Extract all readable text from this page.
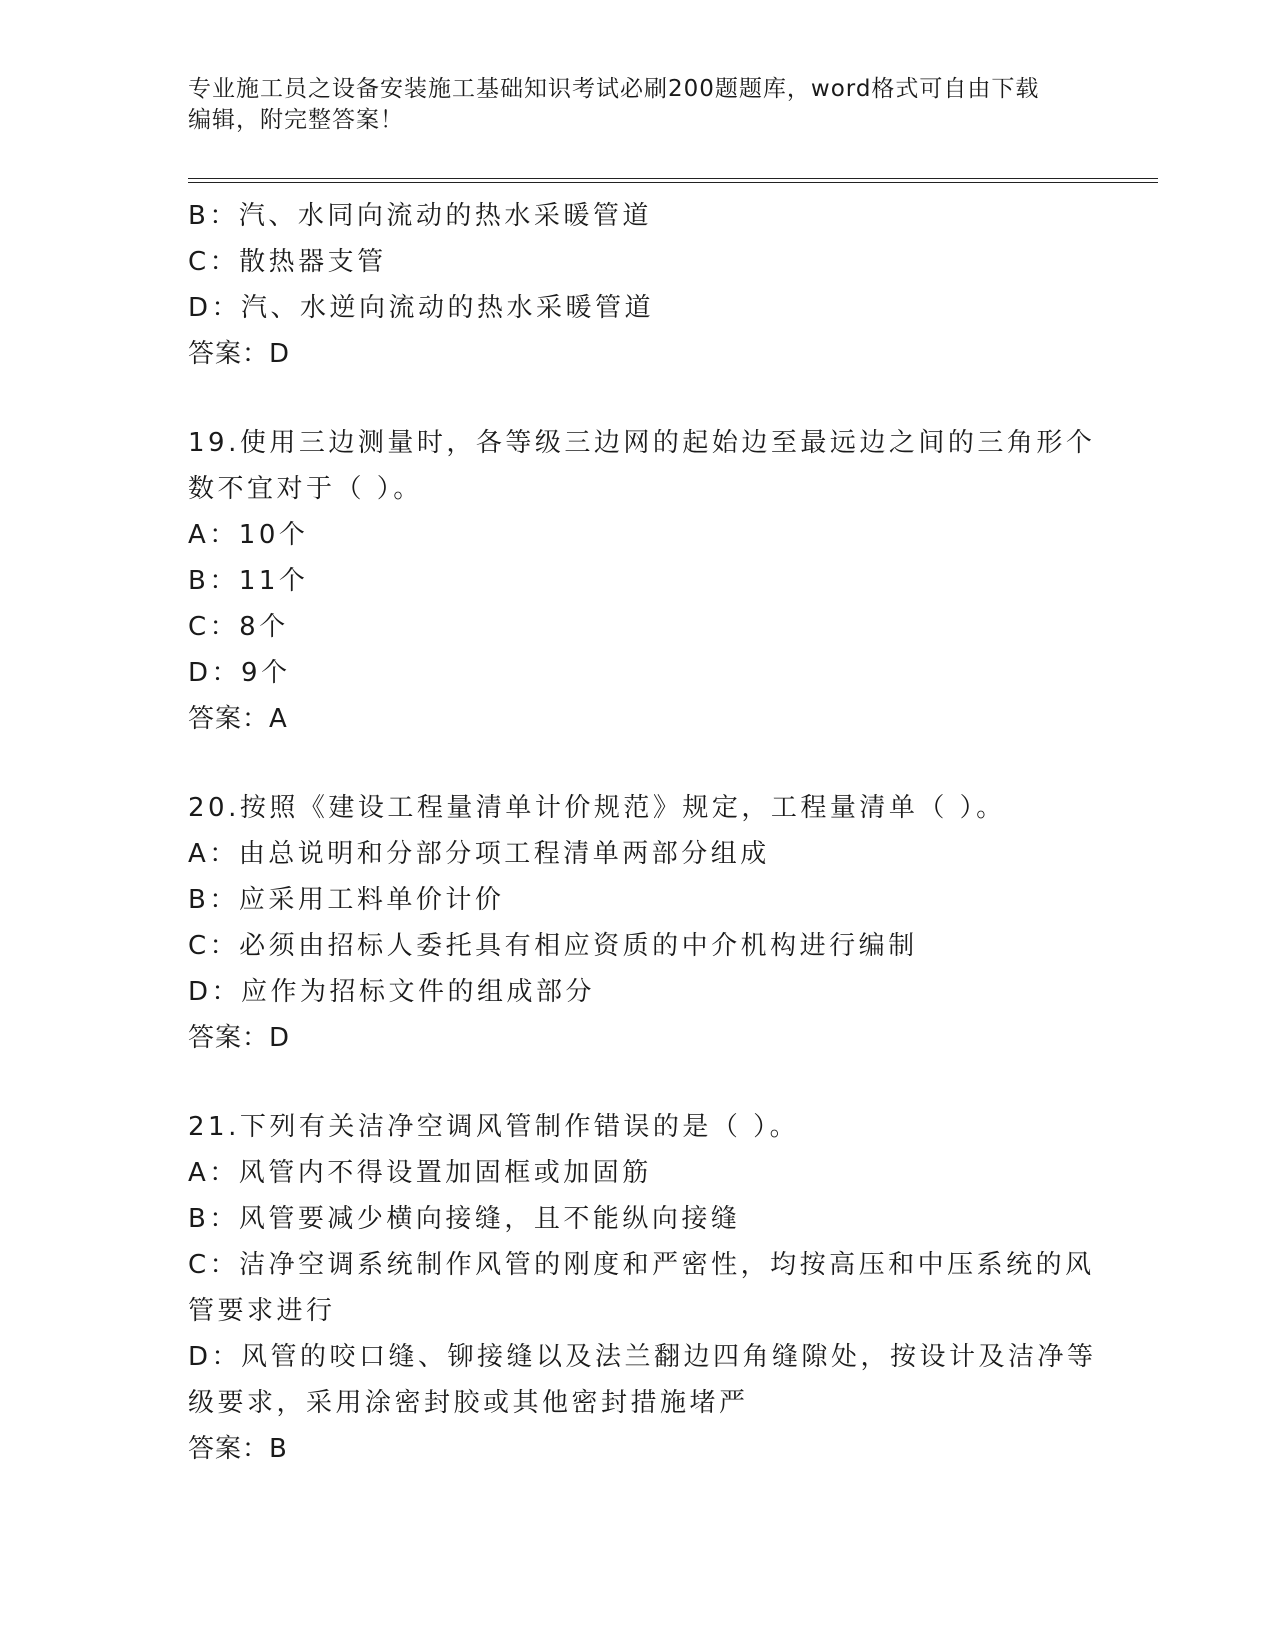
专业施工员之设备安装施工基础知识考试必刷200题题库，word格式可自由下载
编辑，附完整答案！
B：汽、水同向流动的热水采暖管道
C：散热器支管
D：汽、水逆向流动的热水采暖管道
答案：D
19.使用三边测量时，各等级三边网的起始边至最远边之间的三角形个
数不宜对于（ ）。
A：10个
B：11个
C：8个
D：9个
答案：A
20.按照《建设工程量清单计价规范》规定，工程量清单（ ）。
A：由总说明和分部分项工程清单两部分组成
B：应采用工料单价计价
C：必须由招标人委托具有相应资质的中介机构进行编制
D：应作为招标文件的组成部分
答案：D
21.下列有关洁净空调风管制作错误的是（ ）。
A：风管内不得设置加固框或加固筋
B：风管要减少横向接缝，且不能纵向接缝
C：洁净空调系统制作风管的刚度和严密性，均按高压和中压系统的风
管要求进行
D：风管的咬口缝、铆接缝以及法兰翻边四角缝隙处，按设计及洁净等
级要求，采用涂密封胶或其他密封措施堵严
答案：B
